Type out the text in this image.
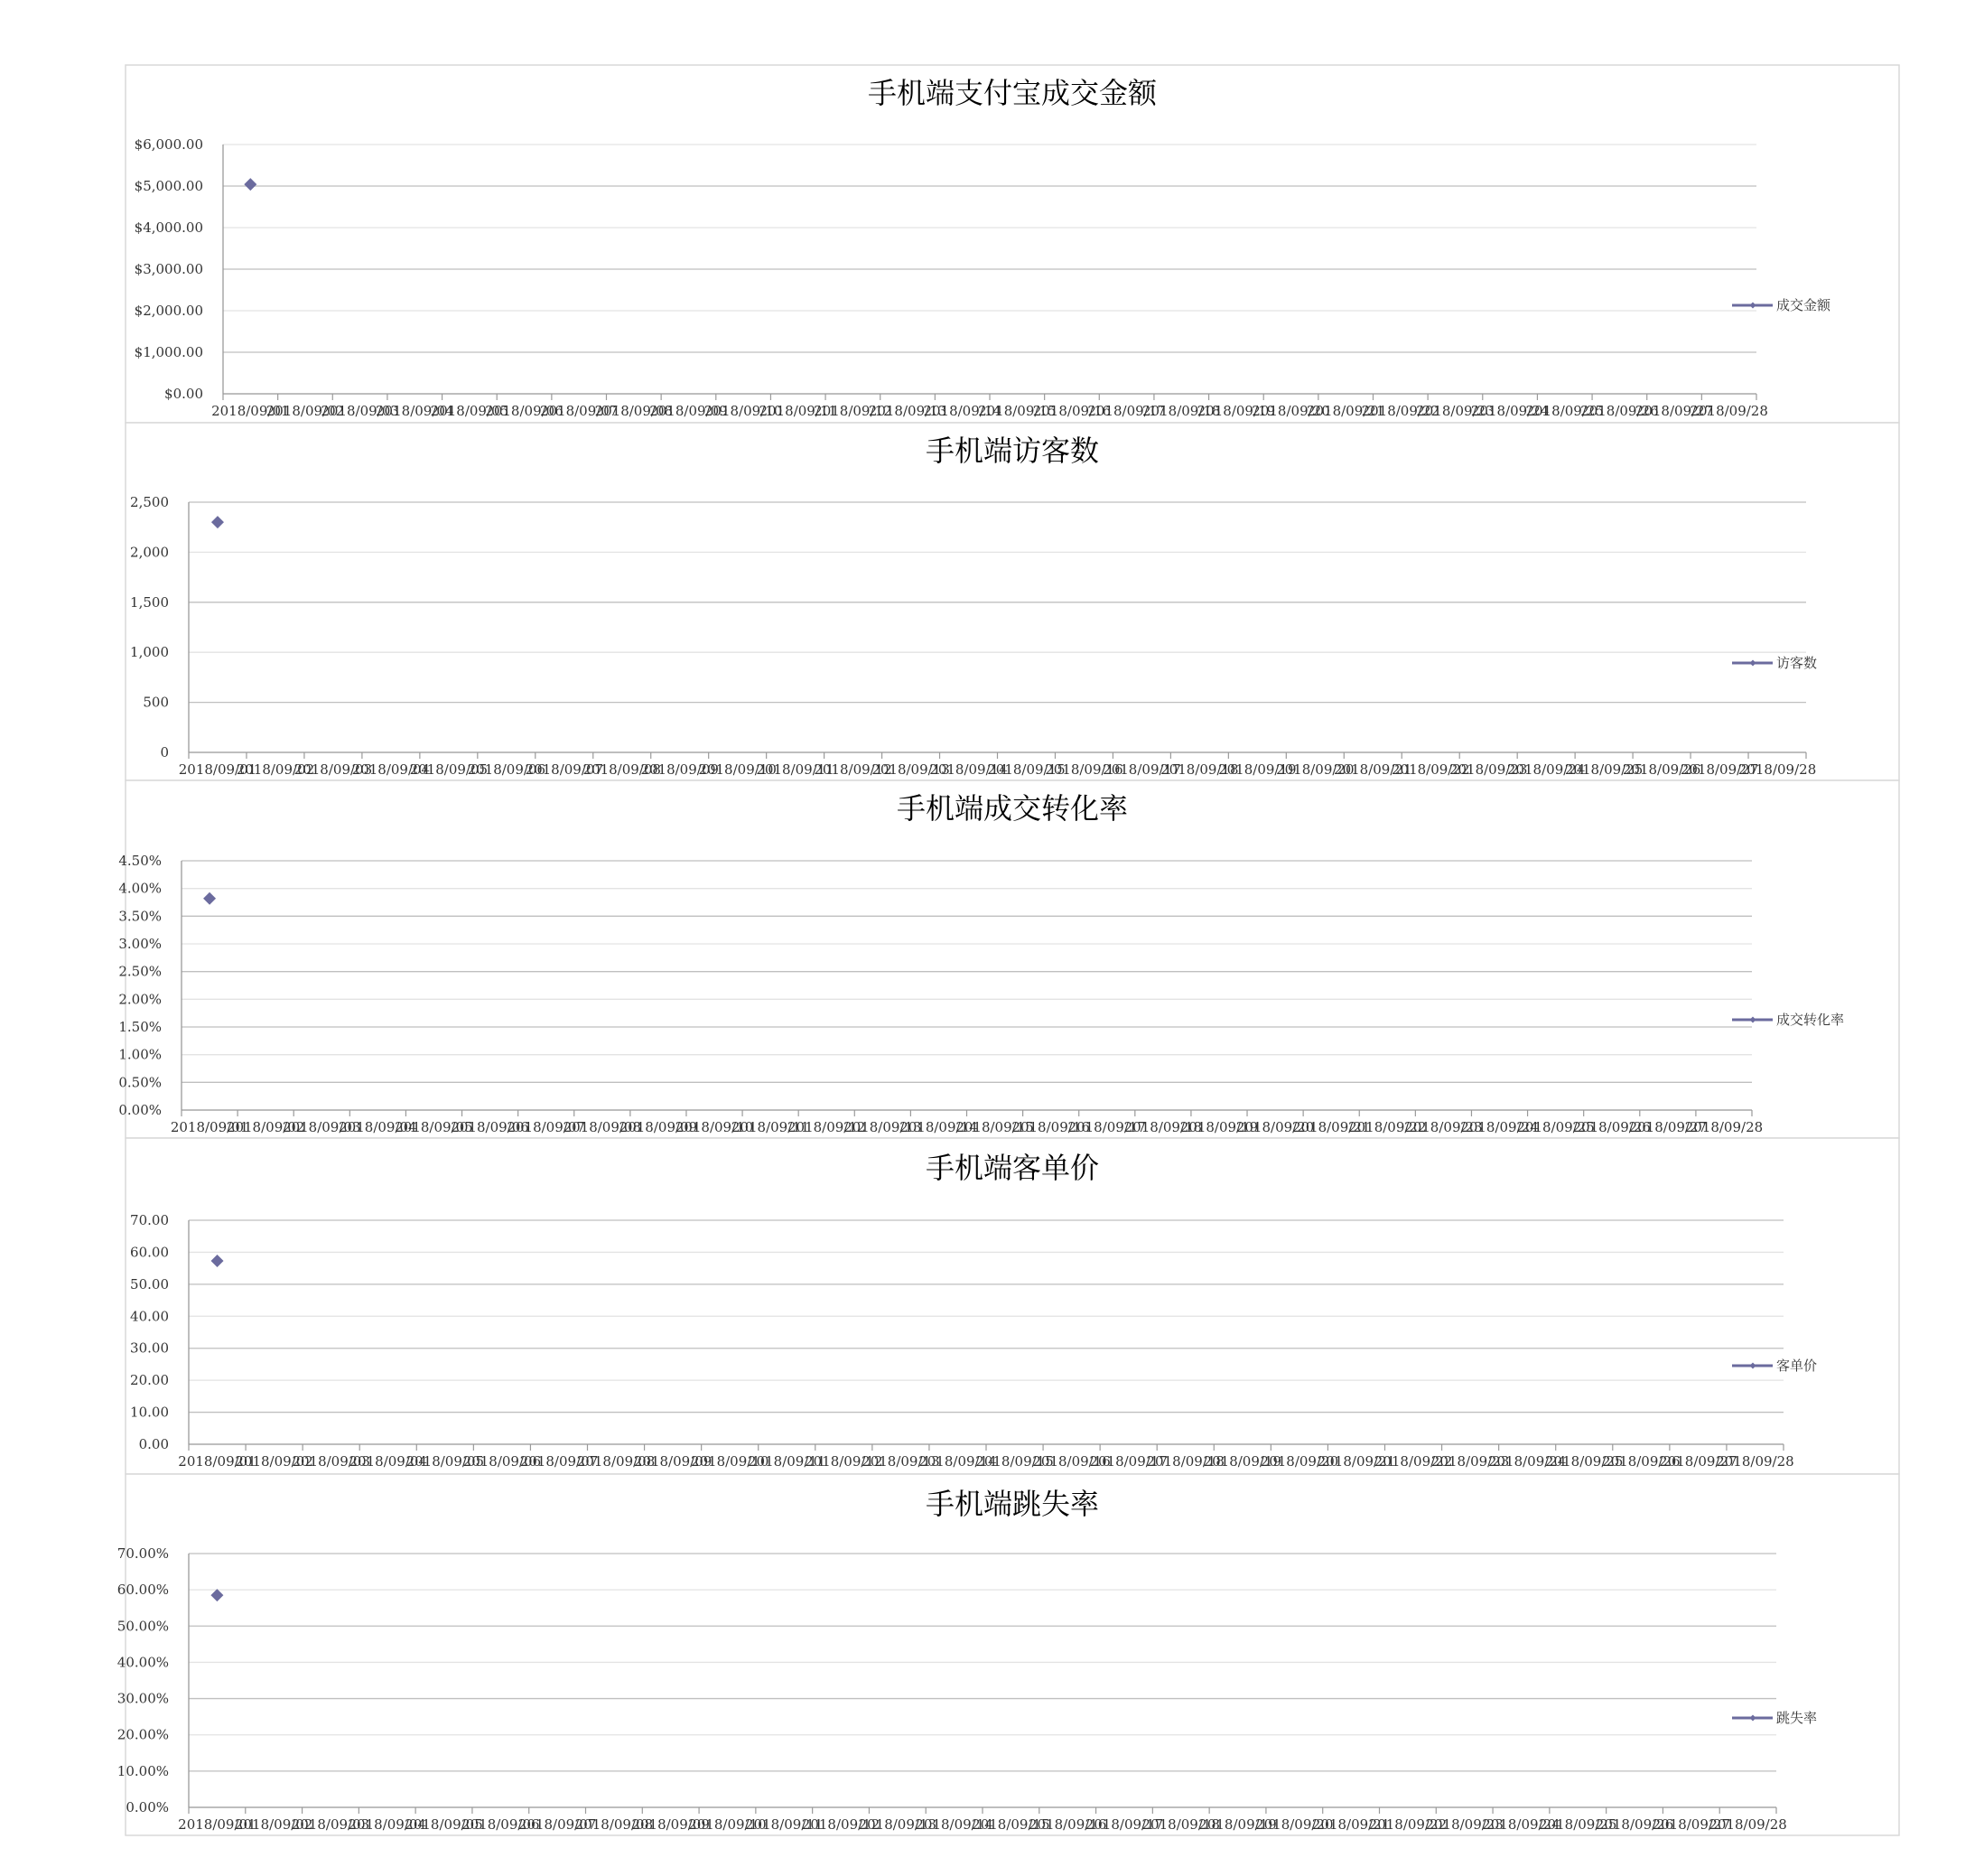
手机端支付宝成交金额
$0.00
$1,000.00
$2,000.00
$3,000.00
$4,000.00
$5,000.00
$6,000.00
2018/09/01
2018/09/02
2018/09/03
2018/09/04
2018/09/05
2018/09/06
2018/09/07
2018/09/08
2018/09/09
2018/09/10
2018/09/11
2018/09/12
2018/09/13
2018/09/14
2018/09/15
2018/09/16
2018/09/17
2018/09/18
2018/09/19
2018/09/20
2018/09/21
2018/09/22
2018/09/23
2018/09/24
2018/09/25
2018/09/26
2018/09/27
2018/09/28
成交金额
手机端访客数
0
500
1,000
1,500
2,000
2,500
2018/09/01
2018/09/02
2018/09/03
2018/09/04
2018/09/05
2018/09/06
2018/09/07
2018/09/08
2018/09/09
2018/09/10
2018/09/11
2018/09/12
2018/09/13
2018/09/14
2018/09/15
2018/09/16
2018/09/17
2018/09/18
2018/09/19
2018/09/20
2018/09/21
2018/09/22
2018/09/23
2018/09/24
2018/09/25
2018/09/26
2018/09/27
2018/09/28
访客数
手机端成交转化率
0.00%
0.50%
1.00%
1.50%
2.00%
2.50%
3.00%
3.50%
4.00%
4.50%
2018/09/01
2018/09/02
2018/09/03
2018/09/04
2018/09/05
2018/09/06
2018/09/07
2018/09/08
2018/09/09
2018/09/10
2018/09/11
2018/09/12
2018/09/13
2018/09/14
2018/09/15
2018/09/16
2018/09/17
2018/09/18
2018/09/19
2018/09/20
2018/09/21
2018/09/22
2018/09/23
2018/09/24
2018/09/25
2018/09/26
2018/09/27
2018/09/28
成交转化率
手机端客单价
0.00
10.00
20.00
30.00
40.00
50.00
60.00
70.00
2018/09/01
2018/09/02
2018/09/03
2018/09/04
2018/09/05
2018/09/06
2018/09/07
2018/09/08
2018/09/09
2018/09/10
2018/09/11
2018/09/12
2018/09/13
2018/09/14
2018/09/15
2018/09/16
2018/09/17
2018/09/18
2018/09/19
2018/09/20
2018/09/21
2018/09/22
2018/09/23
2018/09/24
2018/09/25
2018/09/26
2018/09/27
2018/09/28
客单价
手机端跳失率
0.00%
10.00%
20.00%
30.00%
40.00%
50.00%
60.00%
70.00%
2018/09/01
2018/09/02
2018/09/03
2018/09/04
2018/09/05
2018/09/06
2018/09/07
2018/09/08
2018/09/09
2018/09/10
2018/09/11
2018/09/12
2018/09/13
2018/09/14
2018/09/15
2018/09/16
2018/09/17
2018/09/18
2018/09/19
2018/09/20
2018/09/21
2018/09/22
2018/09/23
2018/09/24
2018/09/25
2018/09/26
2018/09/27
2018/09/28
跳失率
